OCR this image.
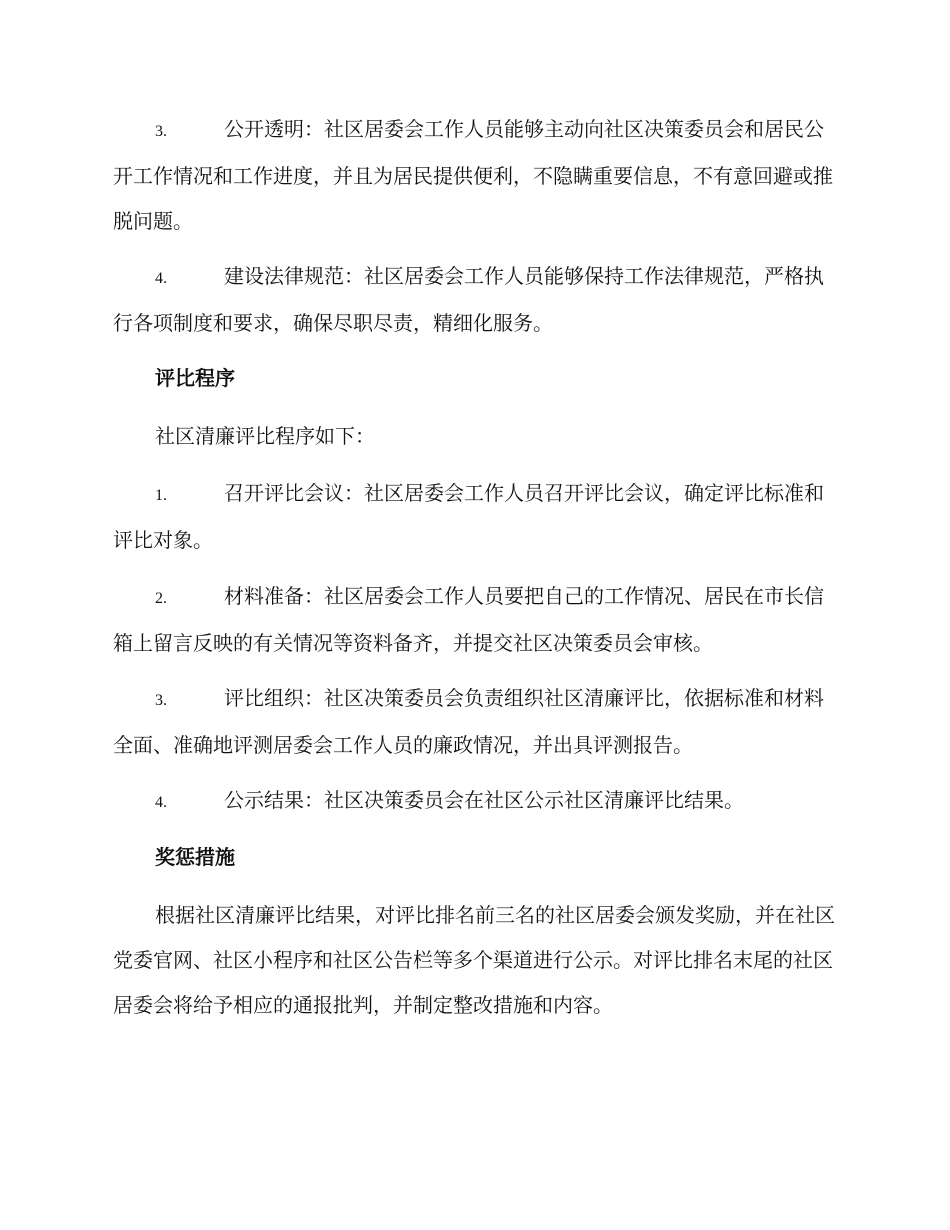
3.	公开透明：社区居委会工作人员能够主动向社区决策委员会和居民公开工作情况和工作进度，并且为居民提供便利，不隐瞒重要信息，不有意回避或推脱问题。
4.	建设法律规范：社区居委会工作人员能够保持工作法律规范，严格执行各项制度和要求，确保尽职尽责，精细化服务。
评比程序
社区清廉评比程序如下：
1.	召开评比会议：社区居委会工作人员召开评比会议，确定评比标准和评比对象。
2.	材料准备：社区居委会工作人员要把自己的工作情况、居民在市长信箱上留言反映的有关情况等资料备齐，并提交社区决策委员会审核。
3.	评比组织：社区决策委员会负责组织社区清廉评比，依据标准和材料全面、准确地评测居委会工作人员的廉政情况，并出具评测报告。
4.	公示结果：社区决策委员会在社区公示社区清廉评比结果。
奖惩措施
根据社区清廉评比结果，对评比排名前三名的社区居委会颁发奖励，并在社区党委官网、社区小程序和社区公告栏等多个渠道进行公示。对评比排名末尾的社区居委会将给予相应的通报批判，并制定整改措施和内容。
